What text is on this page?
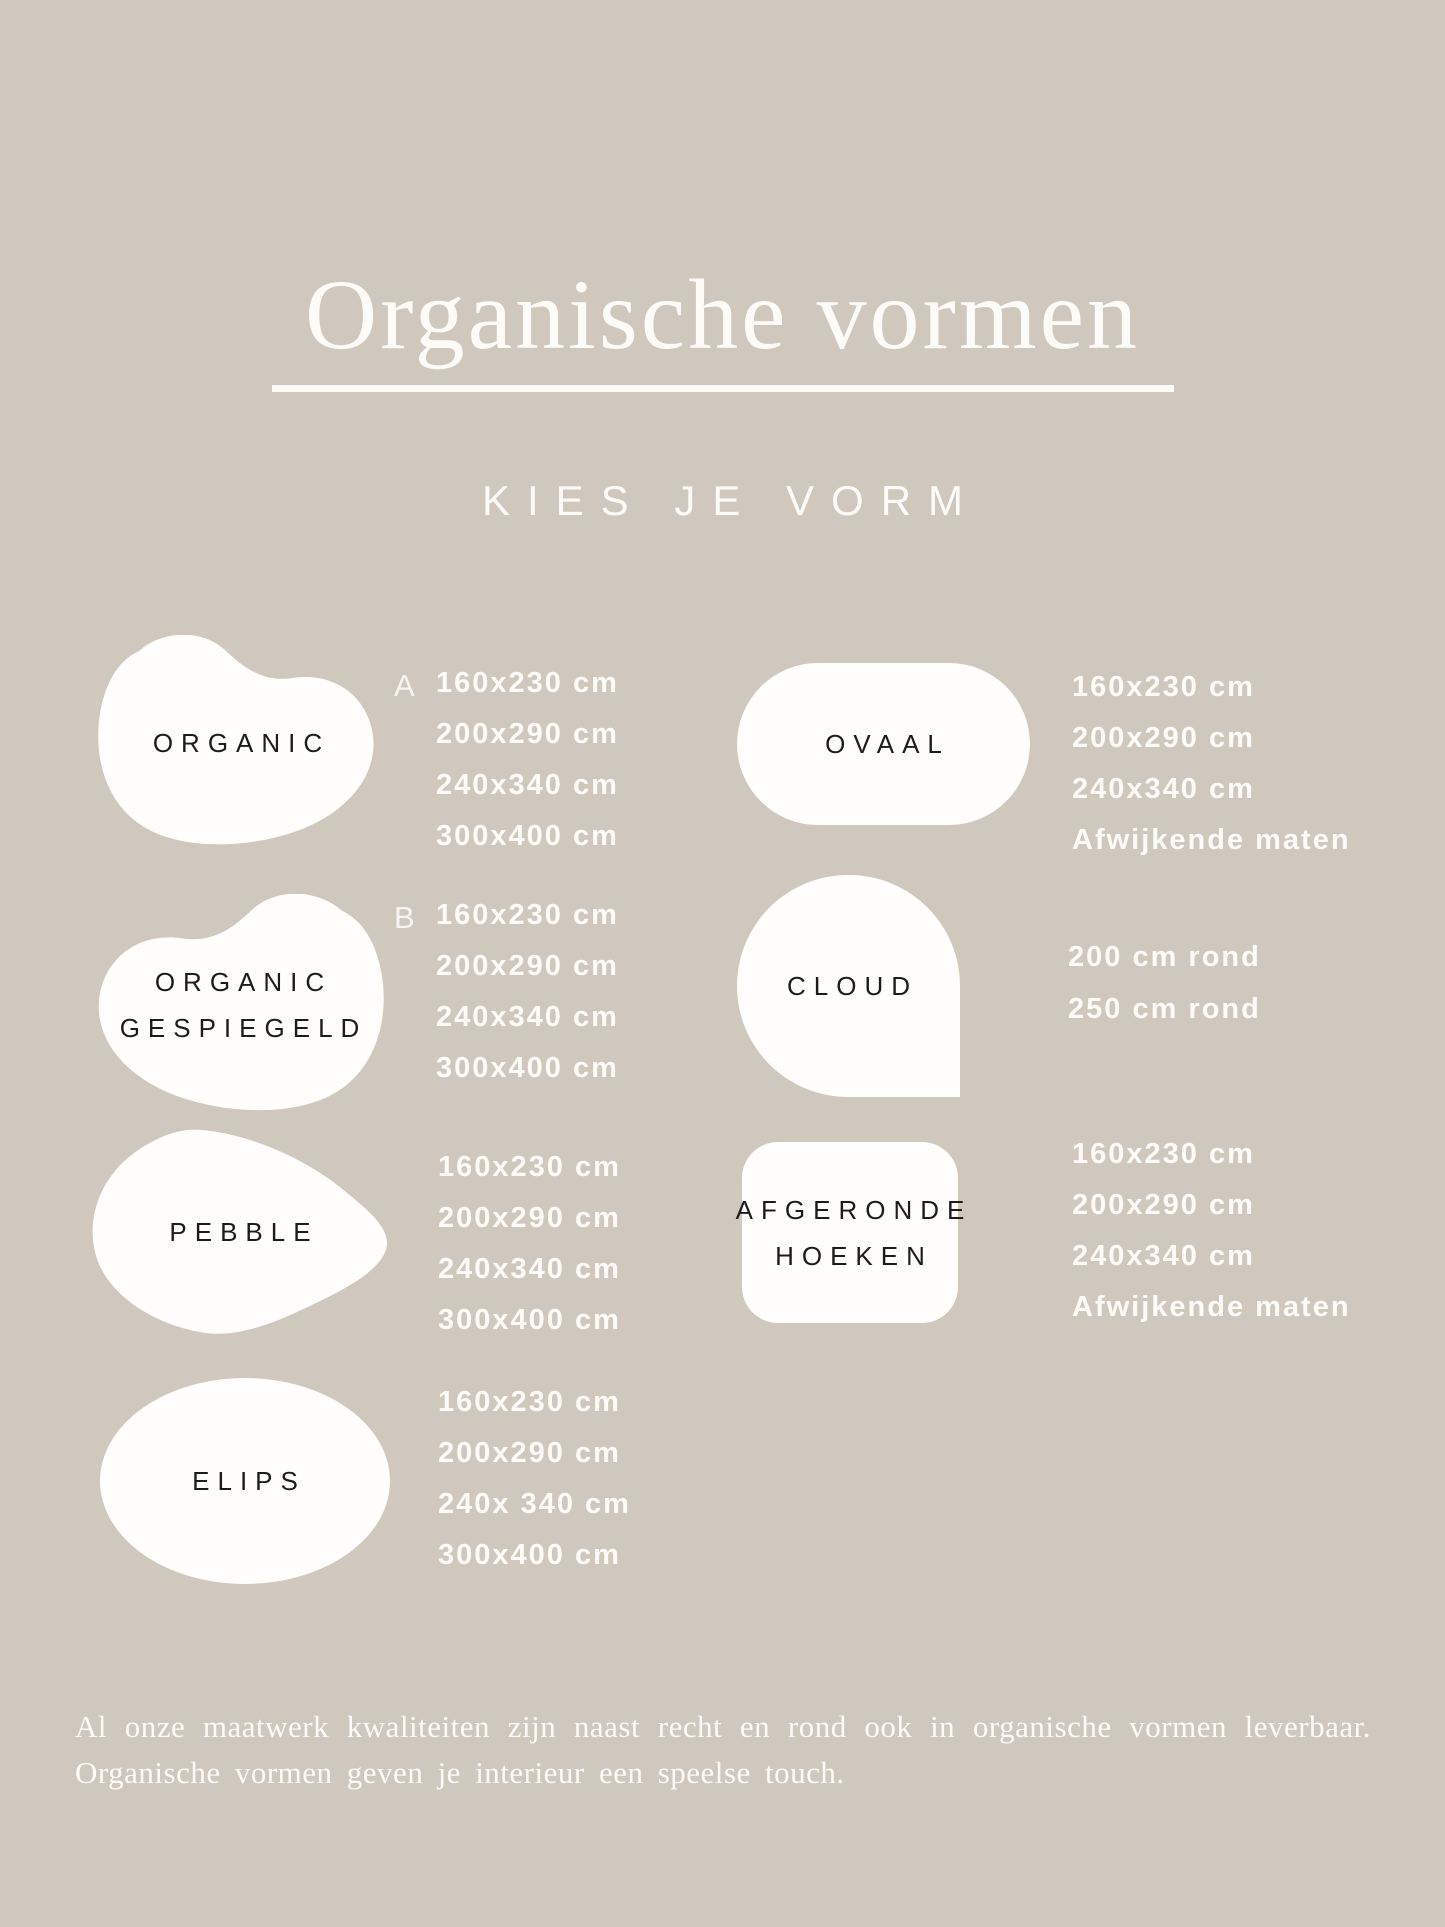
Organische vormen
KIES JE VORM
ORGANIC
A 160x230 cm
200x290 cm
240x340 cm
300x400 cm
ORGANIC
GESPIEGELD
B 160x230 cm
200x290 cm
240x340 cm
300x400 cm
PEBBLE
160x230 cm
200x290 cm
240x340 cm
300x400 cm
ELIPS
160x230 cm
200x290 cm
240x 340 cm
300x400 cm
OVAAL
160x230 cm
200x290 cm
240x340 cm
Afwijkende maten
CLOUD
200 cm rond
250 cm rond
AFGERONDE
HOEKEN
160x230 cm
200x290 cm
240x340 cm
Afwijkende maten

Al onze maatwerk kwaliteiten zijn naast recht en rond ook in organische vormen leverbaar. Organische vormen geven je interieur een speelse touch.
